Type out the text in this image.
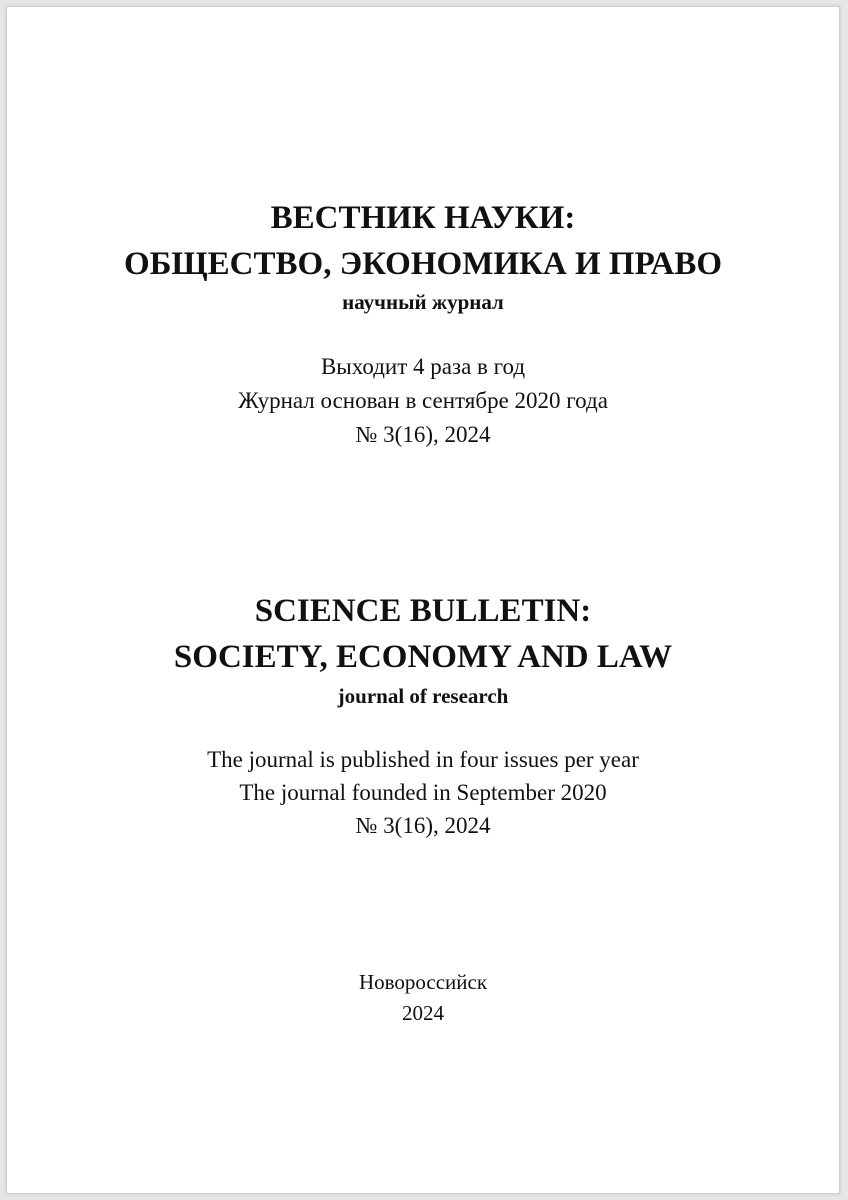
ВЕСТНИК НАУКИ:
ОБЩЕСТВО, ЭКОНОМИКА И ПРАВО
научный журнал
Выходит 4 раза в год
Журнал основан в сентябре 2020 года
№ 3(16), 2024
SCIENCE BULLETIN:
SOCIETY, ECONOMY AND LAW
journal of research
The journal is published in four issues per year
The journal founded in September 2020
№ 3(16), 2024
Новороссийск
2024
